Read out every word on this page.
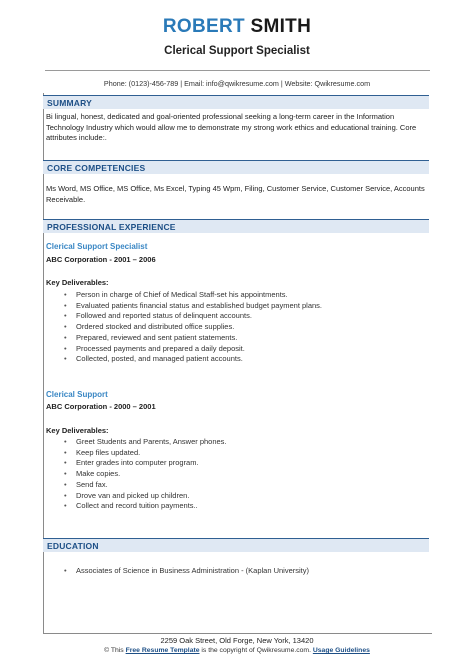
ROBERT SMITH
Clerical Support Specialist
Phone: (0123)-456-789 | Email: info@qwikresume.com | Website: Qwikresume.com
SUMMARY
Bi lingual, honest, dedicated and goal-oriented professional seeking a long-term career in the Information Technology Industry which would allow me to demonstrate my strong work ethics and educational training. Core attributes include:.
CORE COMPETENCIES
Ms Word, MS Office, MS Office, Ms Excel, Typing 45 Wpm, Filing, Customer Service, Customer Service, Accounts Receivable.
PROFESSIONAL EXPERIENCE
Clerical Support Specialist
ABC Corporation - 2001 – 2006
Key Deliverables:
• Person in charge of Chief of Medical Staff-set his appointments.
• Evaluated patients financial status and established budget payment plans.
• Followed and reported status of delinquent accounts.
• Ordered stocked and distributed office supplies.
• Prepared, reviewed and sent patient statements.
• Processed payments and prepared a daily deposit.
• Collected, posted, and managed patient accounts.
Clerical Support
ABC Corporation - 2000 – 2001
Key Deliverables:
• Greet Students and Parents, Answer phones.
• Keep files updated.
• Enter grades into computer program.
• Make copies.
• Send fax.
• Drove van and picked up children.
• Collect and record tuition payments..
EDUCATION
• Associates of Science in Business Administration - (Kaplan University)
2259 Oak Street, Old Forge, New York, 13420
© This Free Resume Template is the copyright of Qwikresume.com. Usage Guidelines
